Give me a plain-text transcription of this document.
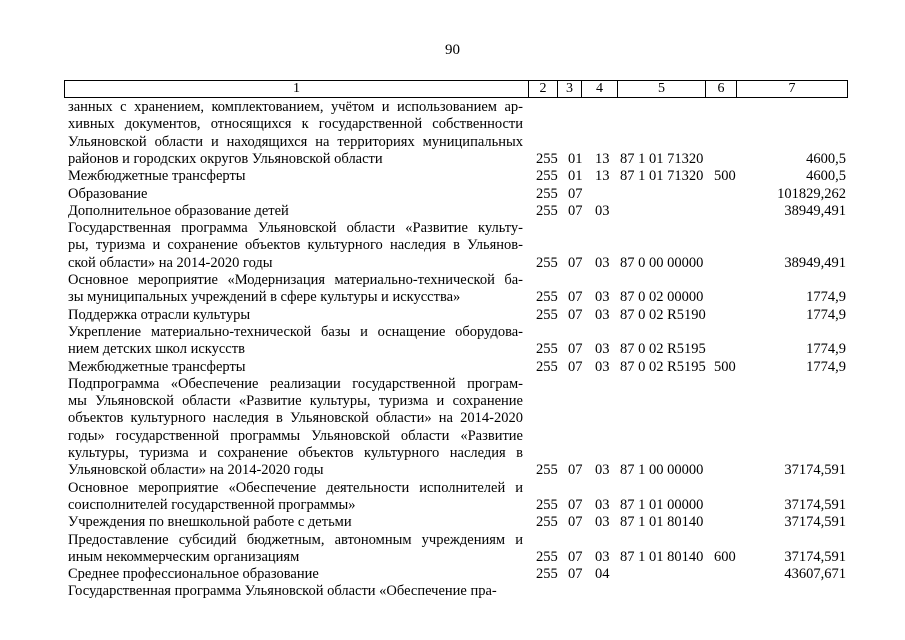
90
1	2	3	4	5	6	7
занных с хранением, комплектованием, учётом и использованием ар-
хивных документов, относящихся к государственной собственности
Ульяновской области и находящихся на территориях муниципальных
районов и городских округов Ульяновской области	255 01 13 87 1 01 71320	4600,5
Межбюджетные трансферты	255 01 13 87 1 01 71320 500	4600,5
Образование	255 07	101829,262
Дополнительное образование детей	255 07 03	38949,491
Государственная программа Ульяновской области «Развитие культу-
ры, туризма и сохранение объектов культурного наследия в Ульянов-
ской области» на 2014-2020 годы	255 07 03 87 0 00 00000	38949,491
Основное мероприятие «Модернизация материально-технической ба-
зы муниципальных учреждений в сфере культуры и искусства»	255 07 03 87 0 02 00000	1774,9
Поддержка отрасли культуры	255 07 03 87 0 02 R5190	1774,9
Укрепление материально-технической базы и оснащение оборудова-
нием детских школ искусств	255 07 03 87 0 02 R5195	1774,9
Межбюджетные трансферты	255 07 03 87 0 02 R5195 500	1774,9
Подпрограмма «Обеспечение реализации государственной програм-
мы Ульяновской области «Развитие культуры, туризма и сохранение
объектов культурного наследия в Ульяновской области» на 2014-2020
годы» государственной программы Ульяновской области «Развитие
культуры, туризма и сохранение объектов культурного наследия в
Ульяновской области» на 2014-2020 годы	255 07 03 87 1 00 00000	37174,591
Основное мероприятие «Обеспечение деятельности исполнителей и
соисполнителей государственной программы»	255 07 03 87 1 01 00000	37174,591
Учреждения по внешкольной работе с детьми	255 07 03 87 1 01 80140	37174,591
Предоставление субсидий бюджетным, автономным учреждениям и
иным некоммерческим организациям	255 07 03 87 1 01 80140 600	37174,591
Среднее профессиональное образование	255 07 04	43607,671
Государственная программа Ульяновской области «Обеспечение пра-
